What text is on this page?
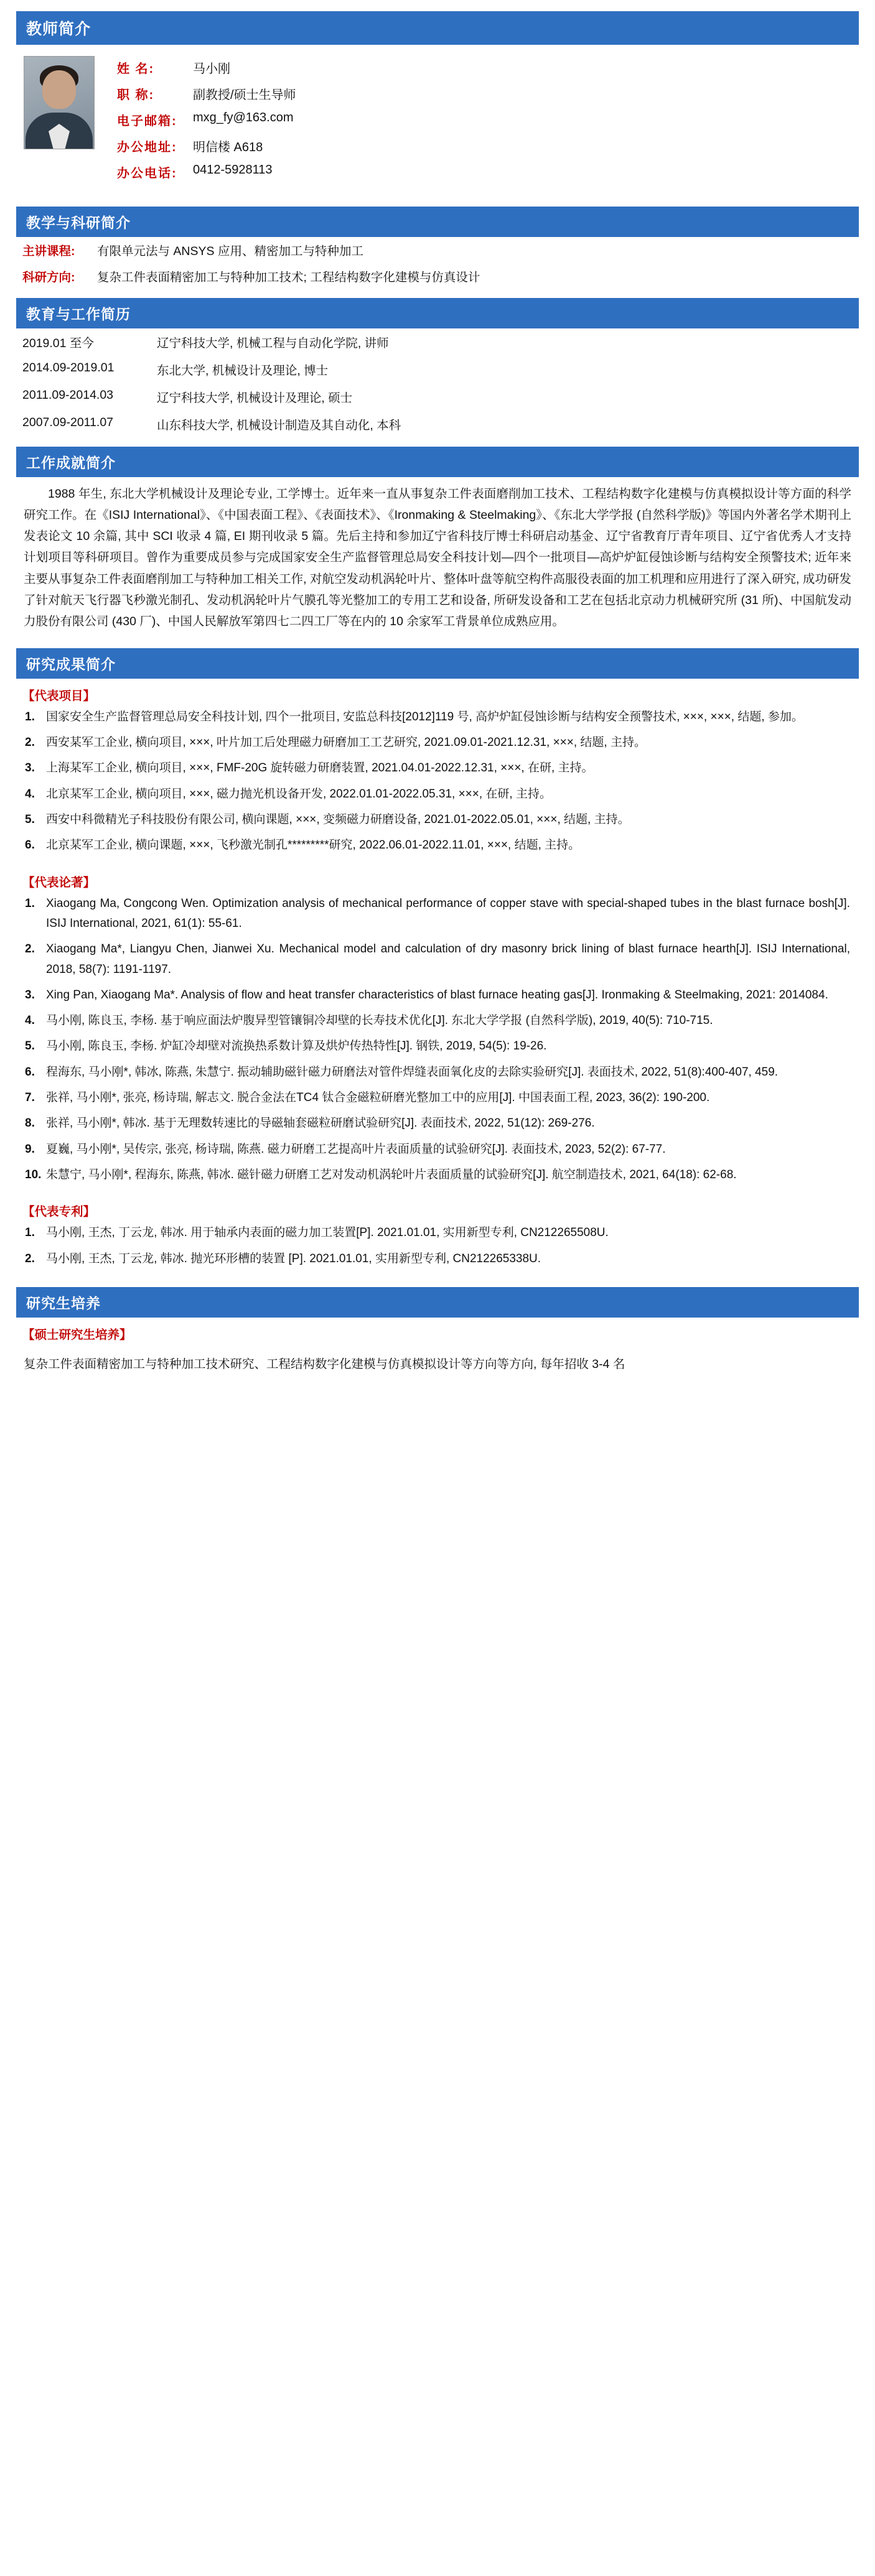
教师简介
姓 名:	马小刚
职 称:	副教授/硕士生导师
电子邮箱:	mxg_fy@163.com
办公地址:	明信楼 A618
办公电话:	0412-5928113
教学与科研简介
主讲课程:	有限单元法与 ANSYS 应用、精密加工与特种加工
科研方向:	复杂工件表面精密加工与特种加工技术; 工程结构数字化建模与仿真设计
教育与工作简历
2019.01 至今	辽宁科技大学, 机械工程与自动化学院, 讲师
2014.09-2019.01	东北大学, 机械设计及理论, 博士
2011.09-2014.03	辽宁科技大学, 机械设计及理论, 硕士
2007.09-2011.07	山东科技大学, 机械设计制造及其自动化, 本科
工作成就简介
1988 年生, 东北大学机械设计及理论专业, 工学博士。近年来一直从事复杂工件表面磨削加工技术、工程结构数字化建模与仿真模拟设计等方面的科学研究工作。在《ISIJ International》、《中国表面工程》、《表面技术》、《Ironmaking & Steelmaking》、《东北大学学报 (自然科学版)》等国内外著名学术期刊上发表论文 10 余篇, 其中 SCI 收录 4 篇, EI 期刊收录 5 篇。先后主持和参加辽宁省科技厅博士科研启动基金、辽宁省教育厅青年项目、辽宁省优秀人才支持计划项目等科研项目。曾作为重要成员参与完成国家安全生产监督管理总局安全科技计划—四个一批项目—高炉炉缸侵蚀诊断与结构安全预警技术; 近年来主要从事复杂工件表面磨削加工与特种加工相关工作, 对航空发动机涡轮叶片、整体叶盘等航空构件高服役表面的加工机理和应用进行了深入研究, 成功研发了针对航天飞行器飞秒激光制孔、发动机涡轮叶片气膜孔等光整加工的专用工艺和设备, 所研发设备和工艺在包括北京动力机械研究所 (31 所)、中国航发动力股份有限公司 (430 厂)、中国人民解放军第四七二四工厂等在内的 10 余家军工背景单位成熟应用。
研究成果简介
【代表项目】
1. 国家安全生产监督管理总局安全科技计划, 四个一批项目, 安监总科技[2012]119 号, 高炉炉缸侵蚀诊断与结构安全预警技术, ×××, ×××, 结题, 参加。
2. 西安某军工企业, 横向项目, ×××, 叶片加工后处理磁力研磨加工工艺研究, 2021.09.01-2021.12.31, ×××, 结题, 主持。
3. 上海某军工企业, 横向项目, ×××, FMF-20G 旋转磁力研磨装置, 2021.04.01-2022.12.31, ×××, 在研, 主持。
4. 北京某军工企业, 横向项目, ×××, 磁力抛光机设备开发, 2022.01.01-2022.05.31, ×××, 在研, 主持。
5. 西安中科微精光子科技股份有限公司, 横向课题, ×××, 变频磁力研磨设备, 2021.01-2022.05.01, ×××, 结题, 主持。
6. 北京某军工企业, 横向课题, ×××, 飞秒激光制孔*********研究, 2022.06.01-2022.11.01, ×××, 结题, 主持。
【代表论著】
1. Xiaogang Ma, Congcong Wen. Optimization analysis of mechanical performance of copper stave with special-shaped tubes in the blast furnace bosh[J]. ISIJ International, 2021, 61(1): 55-61.
2. Xiaogang Ma*, Liangyu Chen, Jianwei Xu. Mechanical model and calculation of dry masonry brick lining of blast furnace hearth[J]. ISIJ International, 2018, 58(7): 1191-1197.
3. Xing Pan, Xiaogang Ma*. Analysis of flow and heat transfer characteristics of blast furnace heating gas[J]. Ironmaking & Steelmaking, 2021: 2014084.
4. 马小刚, 陈良玉, 李杨. 基于响应面法炉腹异型管镶铜冷却壁的长寿技术优化[J]. 东北大学学报 (自然科学版), 2019, 40(5): 710-715.
5. 马小刚, 陈良玉, 李杨. 炉缸冷却壁对流换热系数计算及烘炉传热特性[J]. 钢铁, 2019, 54(5): 19-26.
6. 程海东, 马小刚*, 韩冰, 陈燕, 朱慧宁. 振动辅助磁针磁力研磨法对管件焊缝表面氧化皮的去除实验研究[J]. 表面技术, 2022, 51(8):400-407, 459.
7. 张祥, 马小刚*, 张亮, 杨诗瑞, 解志文. 脱合金法在TC4 钛合金磁粒研磨光整加工中的应用[J]. 中国表面工程, 2023, 36(2): 190-200.
8. 张祥, 马小刚*, 韩冰. 基于无理数转速比的导磁轴套磁粒研磨试验研究[J]. 表面技术, 2022, 51(12): 269-276.
9. 夏巍, 马小刚*, 吴传宗, 张亮, 杨诗瑞, 陈燕. 磁力研磨工艺提高叶片表面质量的试验研究[J]. 表面技术, 2023, 52(2): 67-77.
10. 朱慧宁, 马小刚*, 程海东, 陈燕, 韩冰. 磁针磁力研磨工艺对发动机涡轮叶片表面质量的试验研究[J]. 航空制造技术, 2021, 64(18): 62-68.
【代表专利】
1. 马小刚, 王杰, 丁云龙, 韩冰. 用于轴承内表面的磁力加工装置[P]. 2021.01.01, 实用新型专利, CN212265508U.
2. 马小刚, 王杰, 丁云龙, 韩冰. 抛光环形槽的装置 [P]. 2021.01.01, 实用新型专利, CN212265338U.
研究生培养
【硕士研究生培养】
复杂工件表面精密加工与特种加工技术研究、工程结构数字化建模与仿真模拟设计等方向等方向, 每年招收 3-4 名
